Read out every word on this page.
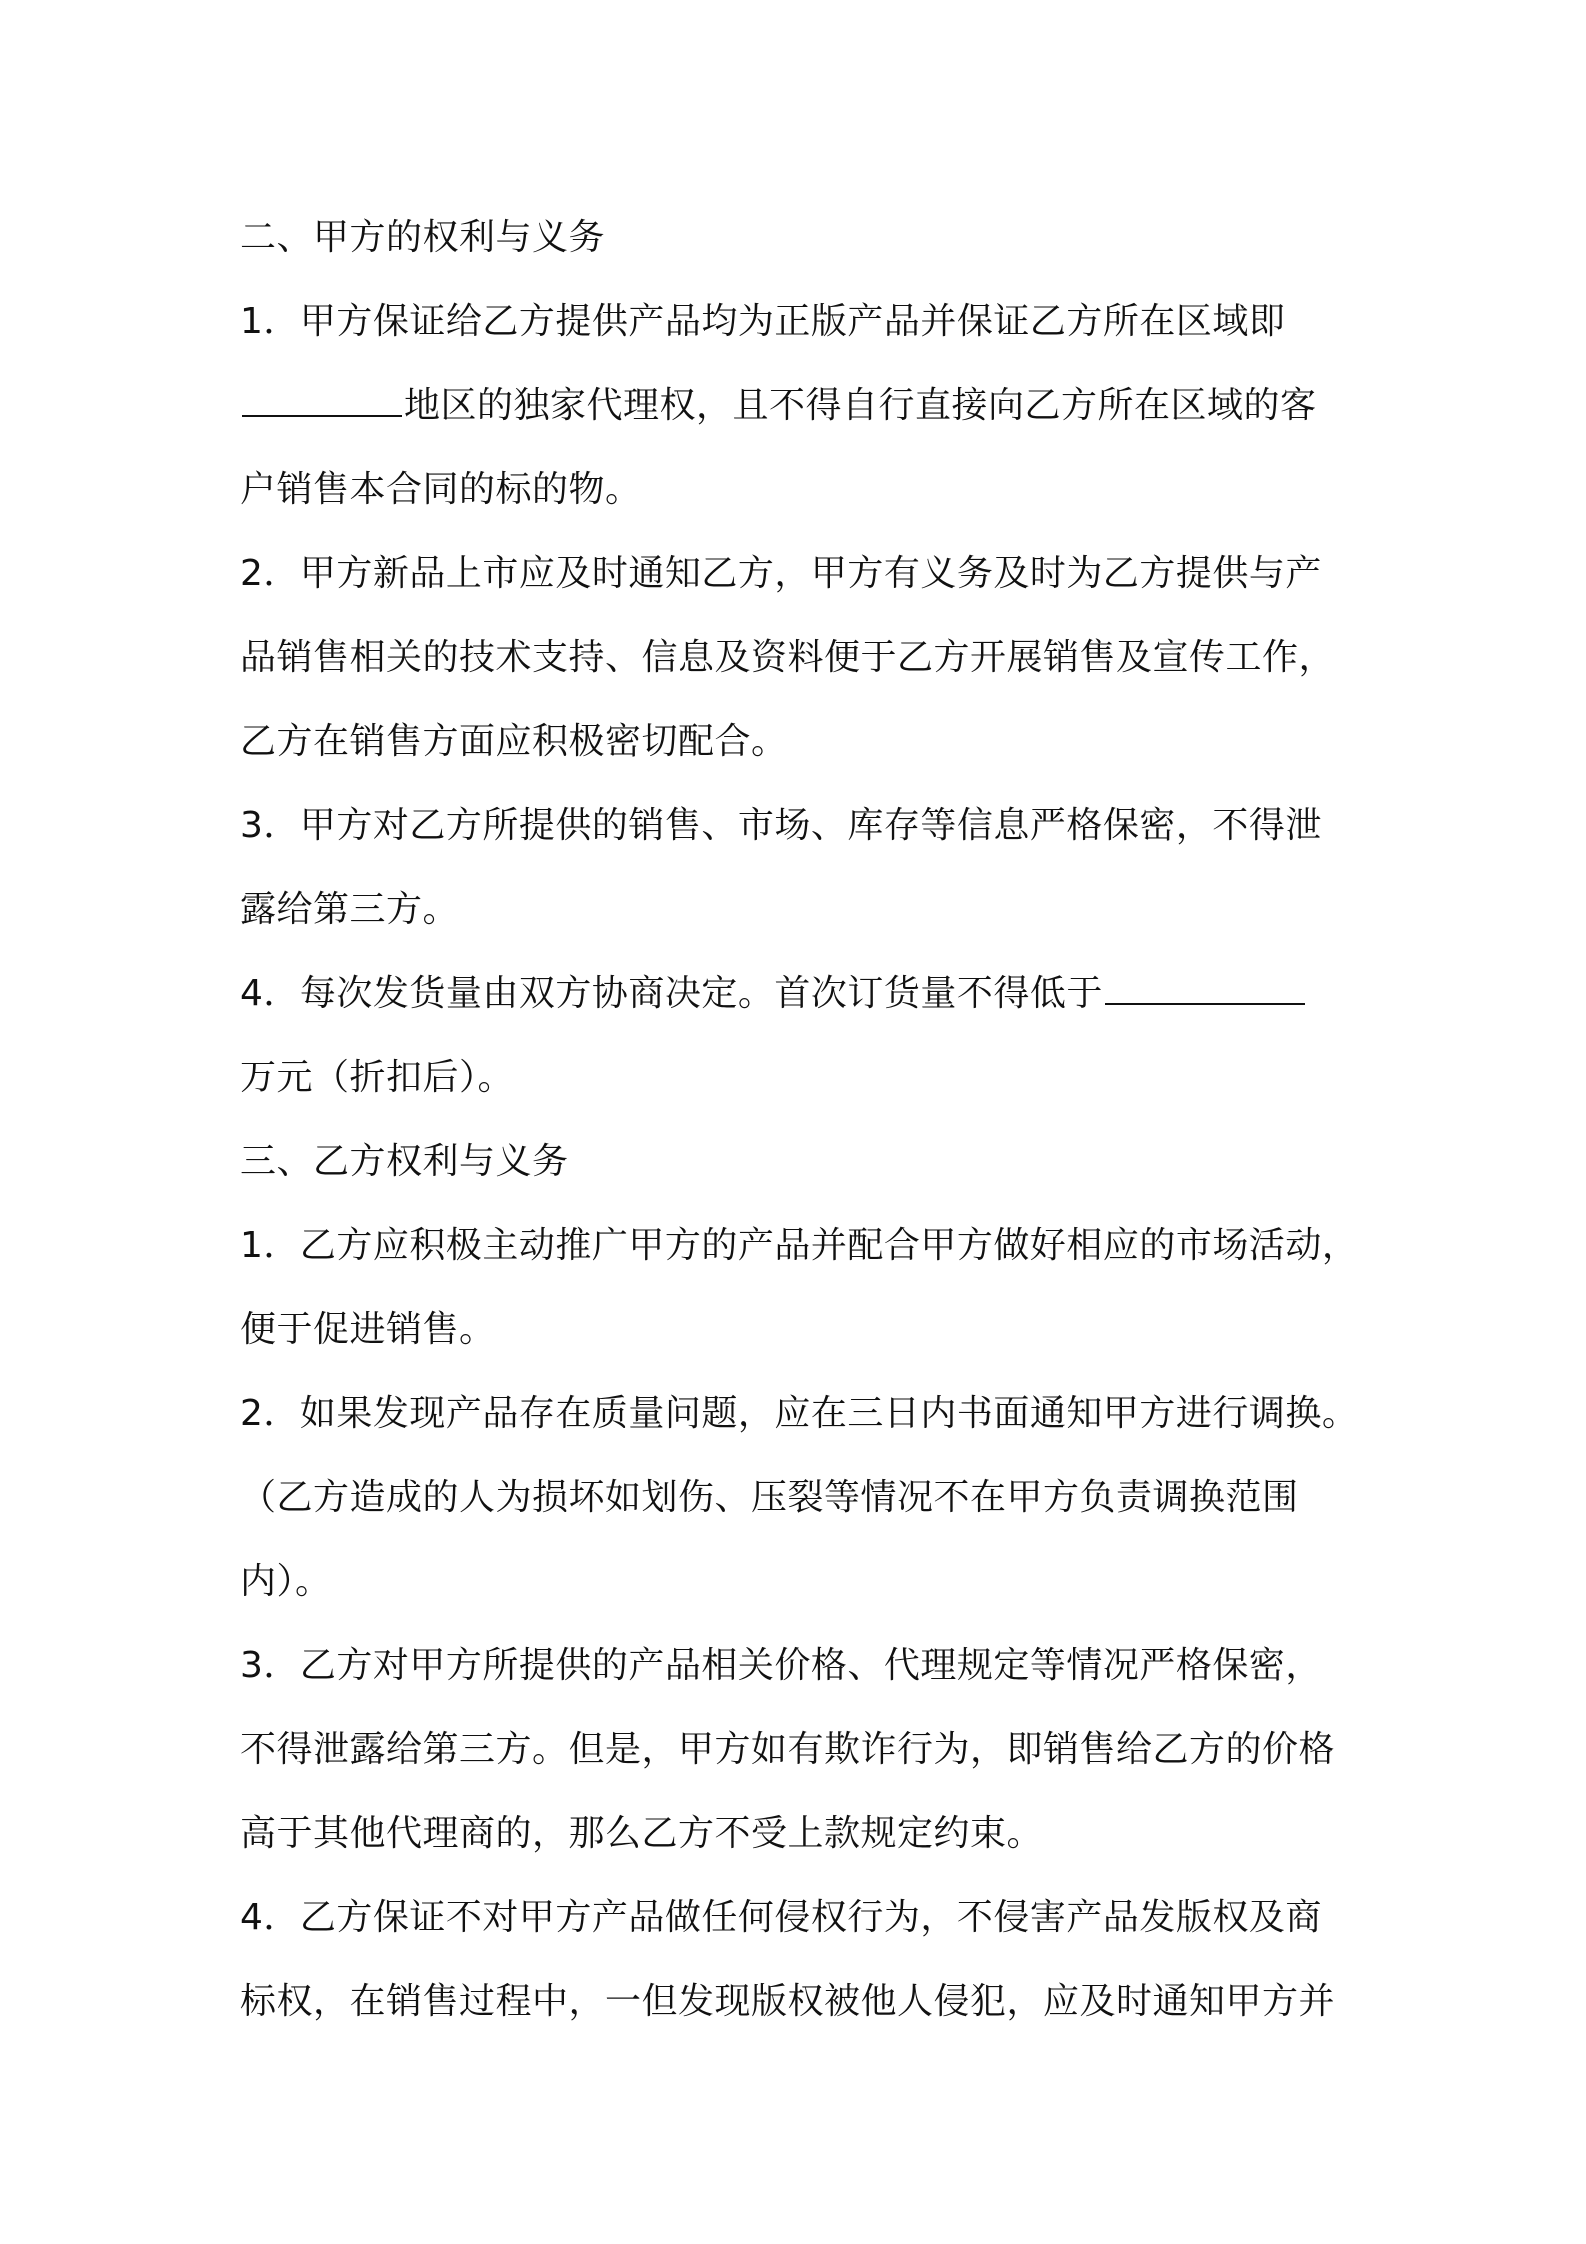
二、甲方的权利与义务
1．甲方保证给乙方提供产品均为正版产品并保证乙方所在区域即
地区的独家代理权，且不得自行直接向乙方所在区域的客
户销售本合同的标的物。
2．甲方新品上市应及时通知乙方，甲方有义务及时为乙方提供与产
品销售相关的技术支持、信息及资料便于乙方开展销售及宣传工作，
乙方在销售方面应积极密切配合。
3．甲方对乙方所提供的销售、市场、库存等信息严格保密，不得泄
露给第三方。
4．每次发货量由双方协商决定。首次订货量不得低于
万元（折扣后）。
三、乙方权利与义务
1．乙方应积极主动推广甲方的产品并配合甲方做好相应的市场活动，
便于促进销售。
2．如果发现产品存在质量问题，应在三日内书面通知甲方进行调换。
（乙方造成的人为损坏如划伤、压裂等情况不在甲方负责调换范围
内）。
3．乙方对甲方所提供的产品相关价格、代理规定等情况严格保密，
不得泄露给第三方。但是，甲方如有欺诈行为，即销售给乙方的价格
高于其他代理商的，那么乙方不受上款规定约束。
4．乙方保证不对甲方产品做任何侵权行为，不侵害产品发版权及商
标权，在销售过程中，一但发现版权被他人侵犯，应及时通知甲方并
